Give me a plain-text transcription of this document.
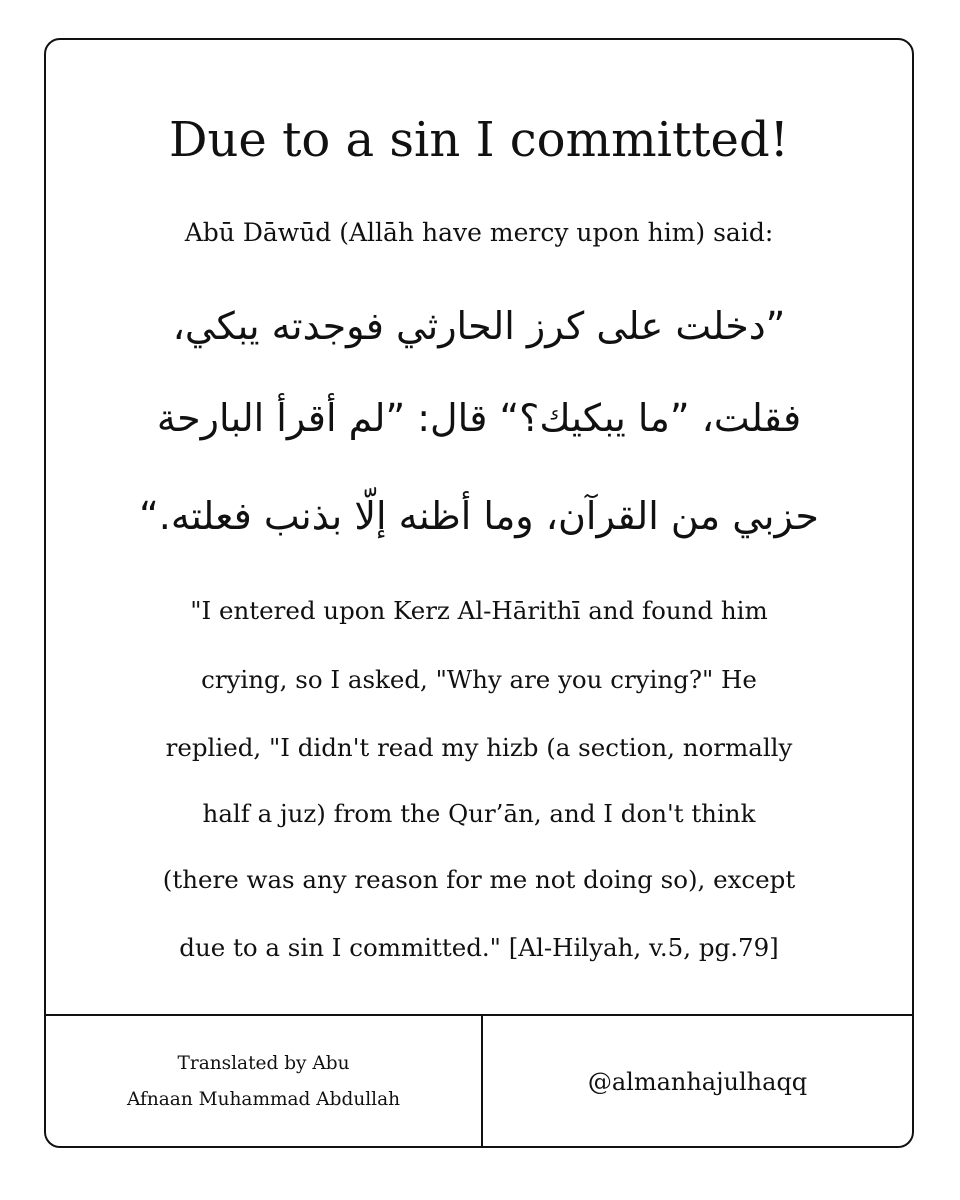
Due to a sin I committed!
Abū Dāwūd (Allāh have mercy upon him) said:
”دخلت على كرز الحارثي فوجدته يبكي،
فقلت، ”ما يبكيك؟“ قال: ”لم أقرأ البارحة
حزبي من القرآن، وما أظنه إلّا بذنب فعلته.“
"I entered upon Kerz Al-Hārithī and found him
crying, so I asked, "Why are you crying?" He
replied, "I didn't read my hizb (a section, normally
half a juz) from the Qur’ān, and I don't think
(there was any reason for me not doing so), except
due to a sin I committed." [Al-Hilyah, v.5, pg.79]
Translated by Abu
Afnaan Muhammad Abdullah
@almanhajulhaqq
